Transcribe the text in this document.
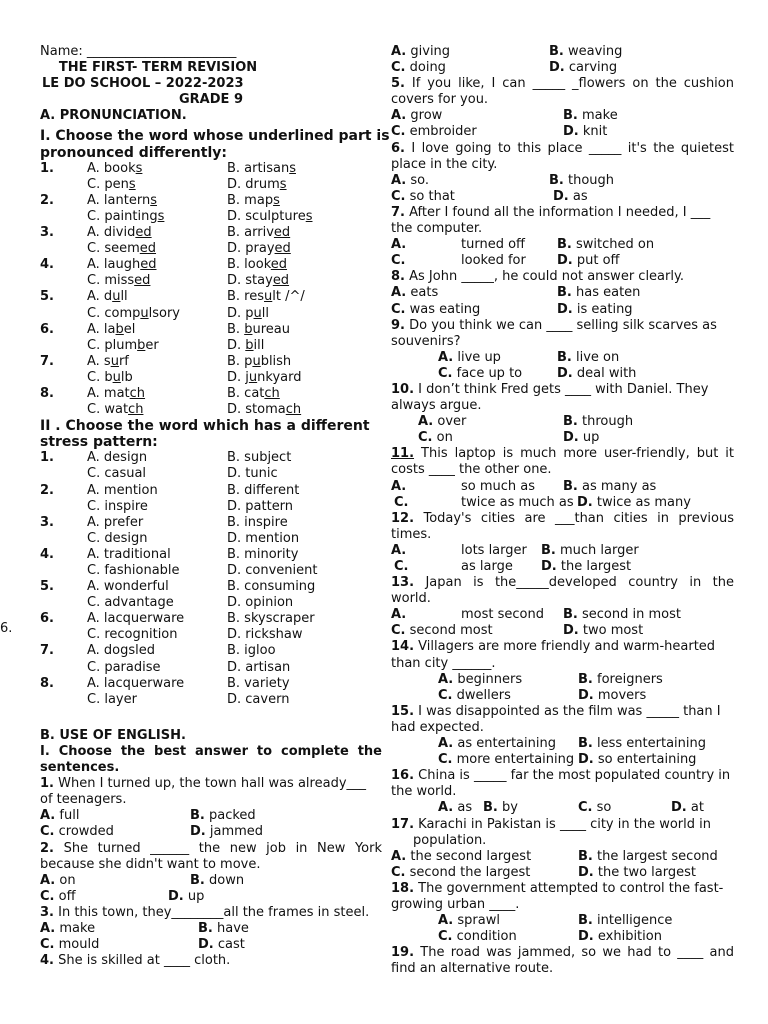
6.
Name: _______________________
THE FIRST- TERM REVISION
LE DO SCHOOL – 2022-2023
GRADE 9
A. PRONUNCIATION.
I. Choose the word whose underlined part is
pronounced differently:
1.	A. books	B. artisans
C. pens	D. drums
2.	A. lanterns	B. maps
C. paintings	D. sculptures
3.	A. divided	B. arrived
C. seemed	D. prayed
4.	A. laughed	B. looked
C. missed	D. stayed
5.	A. dull	B. result /^/
C. compulsory	D. pull
6.	A. label	B. bureau
C. plumber	D. bill
7.	A. surf	B. publish
C. bulb	D. junkyard
8.	A. match	B. catch
C. watch	D. stomach
II . Choose the word which has a different
stress pattern:
1.	A. design	B. subject
C. casual	D. tunic
2.	A. mention	B. different
C. inspire	D. pattern
3.	A. prefer	B. inspire
C. design	D. mention
4.	A. traditional	B. minority
C. fashionable	D. convenient
5.	A. wonderful	B. consuming
C. advantage	D. opinion
6.	A. lacquerware	B. skyscraper
C. recognition	D. rickshaw
7.	A. dogsled	B. igloo
C. paradise	D. artisan
8.	A. lacquerware	B. variety
C. layer	D. cavern
B. USE OF ENGLISH.
I. Choose the best answer to complete the
sentences.
1. When I turned up, the town hall was already___
of teenagers.
A. full	B. packed
C. crowded	D. jammed
2. She turned ______ the new job in New York
because she didn't want to move.
A. on	B. down
C. off	D. up
3. In this town, they________all the frames in steel.
A. make	B. have
C. mould	D. cast
4. She is skilled at ____ cloth.
A. giving	B. weaving
C. doing	D. carving
5. If you like, I can _____ _flowers on the cushion
covers for you.
A. grow	B. make
C. embroider	D. knit
6. I love going to this place _____ it's the quietest
place in the city.
A. so.	B. though
C. so that	D. as
7. After I found all the information I needed, I ___
the computer.
A.	turned off B. switched on
C.	looked for D. put off
8. As John _____, he could not answer clearly.
A. eats	B. has eaten
C. was eating	D. is eating
9. Do you think we can ____ selling silk scarves as
souvenirs?
A. live up	B. live on
C. face up to	D. deal with
10. I don’t think Fred gets ____ with Daniel. They
always argue.
A. over	B. through
C. on	D. up
11. This laptop is much more user-friendly, but it
costs ____ the other one.
A.	so much as B. as many as
C.	twice as much as D. twice as many
12. Today's cities are ___than cities in previous
times.
A.	lots larger B. much larger
C.	as large D. the largest
13. Japan is the_____developed country in the
world.
A.	most second B. second in most
C. second most	D. two most
14. Villagers are more friendly and warm-hearted
than city ______.
A. beginners	B. foreigners
C. dwellers	D. movers
15. I was disappointed as the film was _____ than I
had expected.
A. as entertaining B. less entertaining
C. more entertaining D. so entertaining
16. China is _____ far the most populated country in
the world.
A. as B. by	C. so	D. at
17. Karachi in Pakistan is ____ city in the world in
population.
A. the second largest	B. the largest second
C. second the largest	D. the two largest
18. The government attempted to control the fast-
growing urban ____.
A. sprawl	B. intelligence
C. condition	D. exhibition
19. The road was jammed, so we had to ____ and
find an alternative route.
